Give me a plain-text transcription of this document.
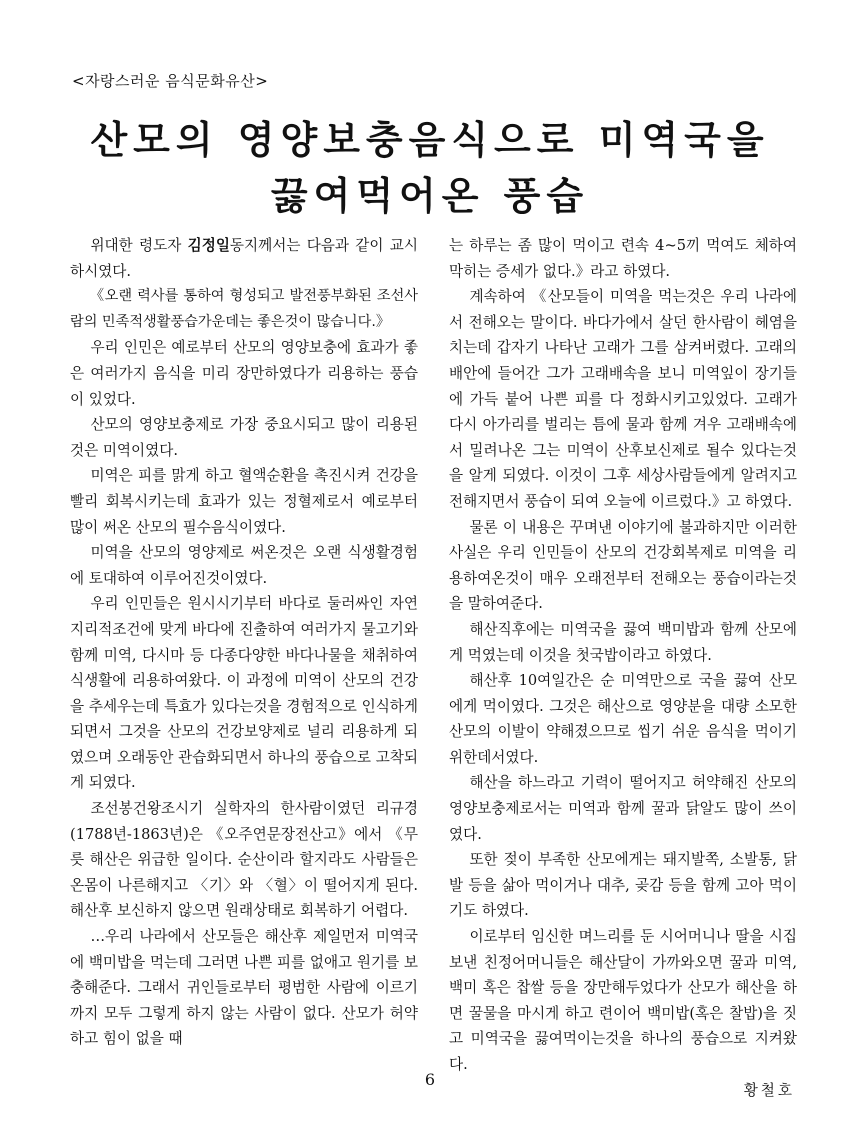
<자랑스러운 음식문화유산>
산모의 영양보충음식으로 미역국을
끓여먹어온 풍습

위대한 령도자 김정일동지께서는 다음과 같이 교시하시였다.

《오랜 력사를 통하여 형성되고 발전풍부화된 조선사람의 민족적생활풍습가운데는 좋은것이 많습니다.》

우리 인민은 예로부터 산모의 영양보충에 효과가 좋은 여러가지 음식을 미리 장만하였다가 리용하는 풍습이 있었다.

산모의 영양보충제로 가장 중요시되고 많이 리용된것은 미역이였다.

미역은 피를 맑게 하고 혈액순환을 촉진시켜 건강을 빨리 회복시키는데 효과가 있는 정혈제로서 예로부터 많이 써온 산모의 필수음식이였다.

미역을 산모의 영양제로 써온것은 오랜 식생활경험에 토대하여 이루어진것이였다.

우리 인민들은 원시시기부터 바다로 둘러싸인 자연지리적조건에 맞게 바다에 진출하여 여러가지 물고기와 함께 미역, 다시마 등 다종다양한 바다나물을 채취하여 식생활에 리용하여왔다. 이 과정에 미역이 산모의 건강을 추세우는데 특효가 있다는것을 경험적으로 인식하게 되면서 그것을 산모의 건강보양제로 널리 리용하게 되였으며 오래동안 관습화되면서 하나의 풍습으로 고착되게 되였다.

조선봉건왕조시기 실학자의 한사람이였던 리규경(1788년-1863년)은 《오주연문장전산고》에서 《무릇 해산은 위급한 일이다. 순산이라 할지라도 사람들은 온몸이 나른해지고 〈기〉와 〈혈〉이 떨어지게 된다. 해산후 보신하지 않으면 원래상태로 회복하기 어렵다.

…우리 나라에서 산모들은 해산후 제일먼저 미역국에 백미밥을 먹는데 그러면 나쁜 피를 없애고 원기를 보충해준다. 그래서 귀인들로부터 평범한 사람에 이르기까지 모두 그렇게 하지 않는 사람이 없다. 산모가 허약하고 힘이 없을 때

는 하루는 좀 많이 먹이고 련속 4~5끼 먹여도 체하여 막히는 증세가 없다.》라고 하였다.

계속하여 《산모들이 미역을 먹는것은 우리 나라에서 전해오는 말이다. 바다가에서 살던 한사람이 헤염을 치는데 갑자기 나타난 고래가 그를 삼켜버렸다. 고래의 배안에 들어간 그가 고래배속을 보니 미역잎이 장기들에 가득 붙어 나쁜 피를 다 정화시키고있었다. 고래가 다시 아가리를 벌리는 틈에 물과 함께 겨우 고래배속에서 밀려나온 그는 미역이 산후보신제로 될수 있다는것을 알게 되였다. 이것이 그후 세상사람들에게 알려지고 전해지면서 풍습이 되여 오늘에 이르렀다.》고 하였다.

물론 이 내용은 꾸며낸 이야기에 불과하지만 이러한 사실은 우리 인민들이 산모의 건강회복제로 미역을 리용하여온것이 매우 오래전부터 전해오는 풍습이라는것을 말하여준다.

해산직후에는 미역국을 끓여 백미밥과 함께 산모에게 먹였는데 이것을 첫국밥이라고 하였다.

해산후 10여일간은 순 미역만으로 국을 끓여 산모에게 먹이였다. 그것은 해산으로 영양분을 대량 소모한 산모의 이발이 약해졌으므로 씹기 쉬운 음식을 먹이기 위한데서였다.

해산을 하느라고 기력이 떨어지고 허약해진 산모의 영양보충제로서는 미역과 함께 꿀과 닭알도 많이 쓰이였다.

또한 젖이 부족한 산모에게는 돼지발쪽, 소발통, 닭발 등을 삶아 먹이거나 대추, 곶감 등을 함께 고아 먹이기도 하였다.

이로부터 임신한 며느리를 둔 시어머니나 딸을 시집보낸 친정어머니들은 해산달이 가까와오면 꿀과 미역, 백미 혹은 찹쌀 등을 장만해두었다가 산모가 해산을 하면 꿀물을 마시게 하고 련이어 백미밥(혹은 찰밥)을 짓고 미역국을 끓여먹이는것을 하나의 풍습으로 지켜왔다.

황철호

6
